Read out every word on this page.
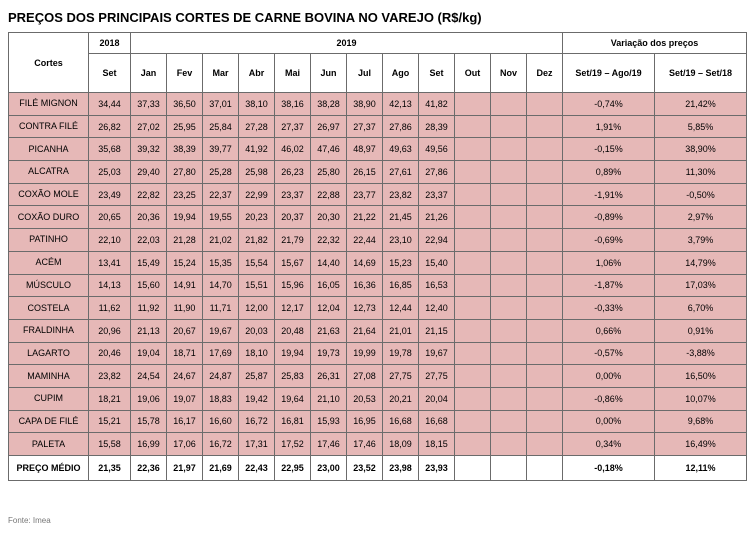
PREÇOS DOS PRINCIPAIS CORTES DE CARNE BOVINA NO VAREJO (R$/kg)
Cortes	2018	2019												Variação dos preços	
	Set	Jan	Fev	Mar	Abr	Mai	Jun	Jul	Ago	Set	Out	Nov	Dez	Set/19 – Ago/19	Set/19 – Set/18
FILÉ MIGNON	34,44	37,33	36,50	37,01	38,10	38,16	38,28	38,90	42,13	41,82				-0,74%	21,42%
CONTRA FILÉ	26,82	27,02	25,95	25,84	27,28	27,37	26,97	27,37	27,86	28,39				1,91%	5,85%
PICANHA	35,68	39,32	38,39	39,77	41,92	46,02	47,46	48,97	49,63	49,56				-0,15%	38,90%
ALCATRA	25,03	29,40	27,80	25,28	25,98	26,23	25,80	26,15	27,61	27,86				0,89%	11,30%
COXÃO MOLE	23,49	22,82	23,25	22,37	22,99	23,37	22,88	23,77	23,82	23,37				-1,91%	-0,50%
COXÃO DURO	20,65	20,36	19,94	19,55	20,23	20,37	20,30	21,22	21,45	21,26				-0,89%	2,97%
PATINHO	22,10	22,03	21,28	21,02	21,82	21,79	22,32	22,44	23,10	22,94				-0,69%	3,79%
ACÉM	13,41	15,49	15,24	15,35	15,54	15,67	14,40	14,69	15,23	15,40				1,06%	14,79%
MÚSCULO	14,13	15,60	14,91	14,70	15,51	15,96	16,05	16,36	16,85	16,53				-1,87%	17,03%
COSTELA	11,62	11,92	11,90	11,71	12,00	12,17	12,04	12,73	12,44	12,40				-0,33%	6,70%
FRALDINHA	20,96	21,13	20,67	19,67	20,03	20,48	21,63	21,64	21,01	21,15				0,66%	0,91%
LAGARTO	20,46	19,04	18,71	17,69	18,10	19,94	19,73	19,99	19,78	19,67				-0,57%	-3,88%
MAMINHA	23,82	24,54	24,67	24,87	25,87	25,83	26,31	27,08	27,75	27,75				0,00%	16,50%
CUPIM	18,21	19,06	19,07	18,83	19,42	19,64	21,10	20,53	20,21	20,04				-0,86%	10,07%
CAPA DE FILÉ	15,21	15,78	16,17	16,60	16,72	16,81	15,93	16,95	16,68	16,68				0,00%	9,68%
PALETA	15,58	16,99	17,06	16,72	17,31	17,52	17,46	17,46	18,09	18,15				0,34%	16,49%
PREÇO MÉDIO	21,35	22,36	21,97	21,69	22,43	22,95	23,00	23,52	23,98	23,93				-0,18%	12,11%
Fonte: Imea
